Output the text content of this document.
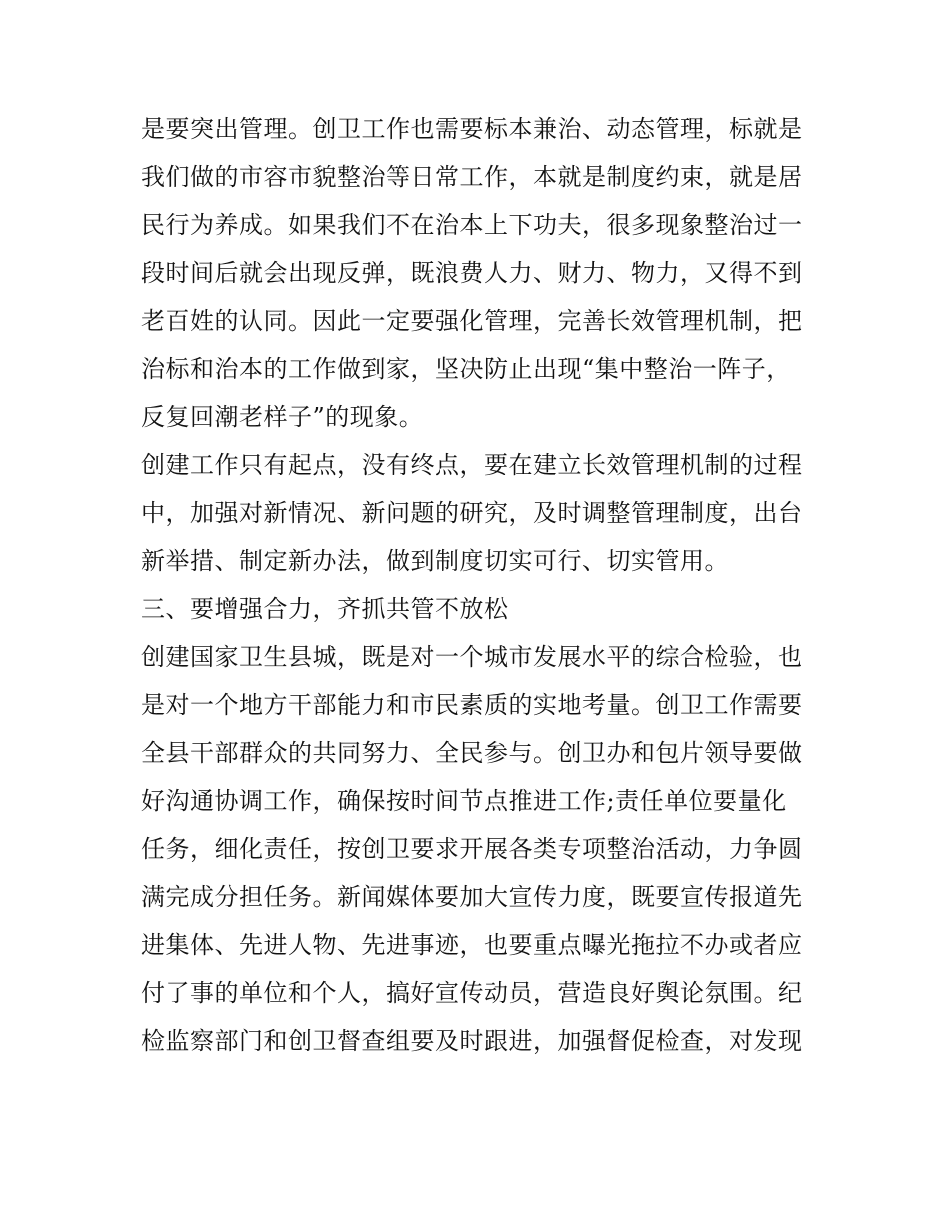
是要突出管理。创卫工作也需要标本兼治、动态管理，标就是
我们做的市容市貌整治等日常工作，本就是制度约束，就是居
民行为养成。如果我们不在治本上下功夫，很多现象整治过一
段时间后就会出现反弹，既浪费人力、财力、物力，又得不到
老百姓的认同。因此一定要强化管理，完善长效管理机制，把
治标和治本的工作做到家，坚决防止出现“集中整治一阵子，
反复回潮老样子”的现象。
创建工作只有起点，没有终点，要在建立长效管理机制的过程
中，加强对新情况、新问题的研究，及时调整管理制度，出台
新举措、制定新办法，做到制度切实可行、切实管用。
三、要增强合力，齐抓共管不放松
创建国家卫生县城，既是对一个城市发展水平的综合检验，也
是对一个地方干部能力和市民素质的实地考量。创卫工作需要
全县干部群众的共同努力、全民参与。创卫办和包片领导要做
好沟通协调工作，确保按时间节点推进工作;责任单位要量化
任务，细化责任，按创卫要求开展各类专项整治活动，力争圆
满完成分担任务。新闻媒体要加大宣传力度，既要宣传报道先
进集体、先进人物、先进事迹，也要重点曝光拖拉不办或者应
付了事的单位和个人，搞好宣传动员，营造良好舆论氛围。纪
检监察部门和创卫督查组要及时跟进，加强督促检查，对发现
